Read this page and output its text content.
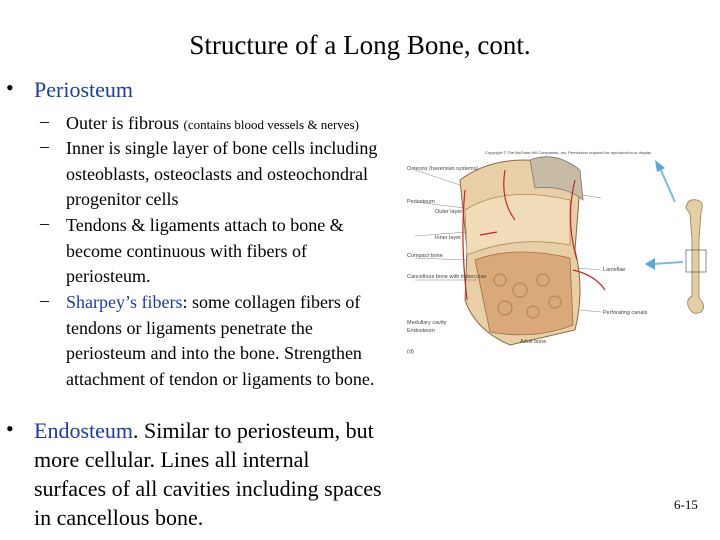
Structure of a Long Bone, cont.
• Periosteum
– Outer is fibrous (contains blood vessels & nerves)
– Inner is single layer of bone cells including osteoblasts, osteoclasts and osteochondral progenitor cells
– Tendons & ligaments attach to bone & become continuous with fibers of periosteum.
– Sharpey’s fibers: some collagen fibers of tendons or ligaments penetrate the periosteum and into the bone. Strengthen attachment of tendon or ligaments to bone.
• Endosteum. Similar to periosteum, but more cellular. Lines all internal surfaces of all cavities including spaces in cancellous bone.
Copyright © The McGraw-Hill Companies, Inc. Permission required for reproduction or display.
Osteons (haversian systems)
Periosteum
Outer layer
Inner layer
Compact bone
Cancellous bone with trabeculae
Medullary cavity
Endosteum
Lamellae
Perforating canals
Adult bone
(d)
6-15
